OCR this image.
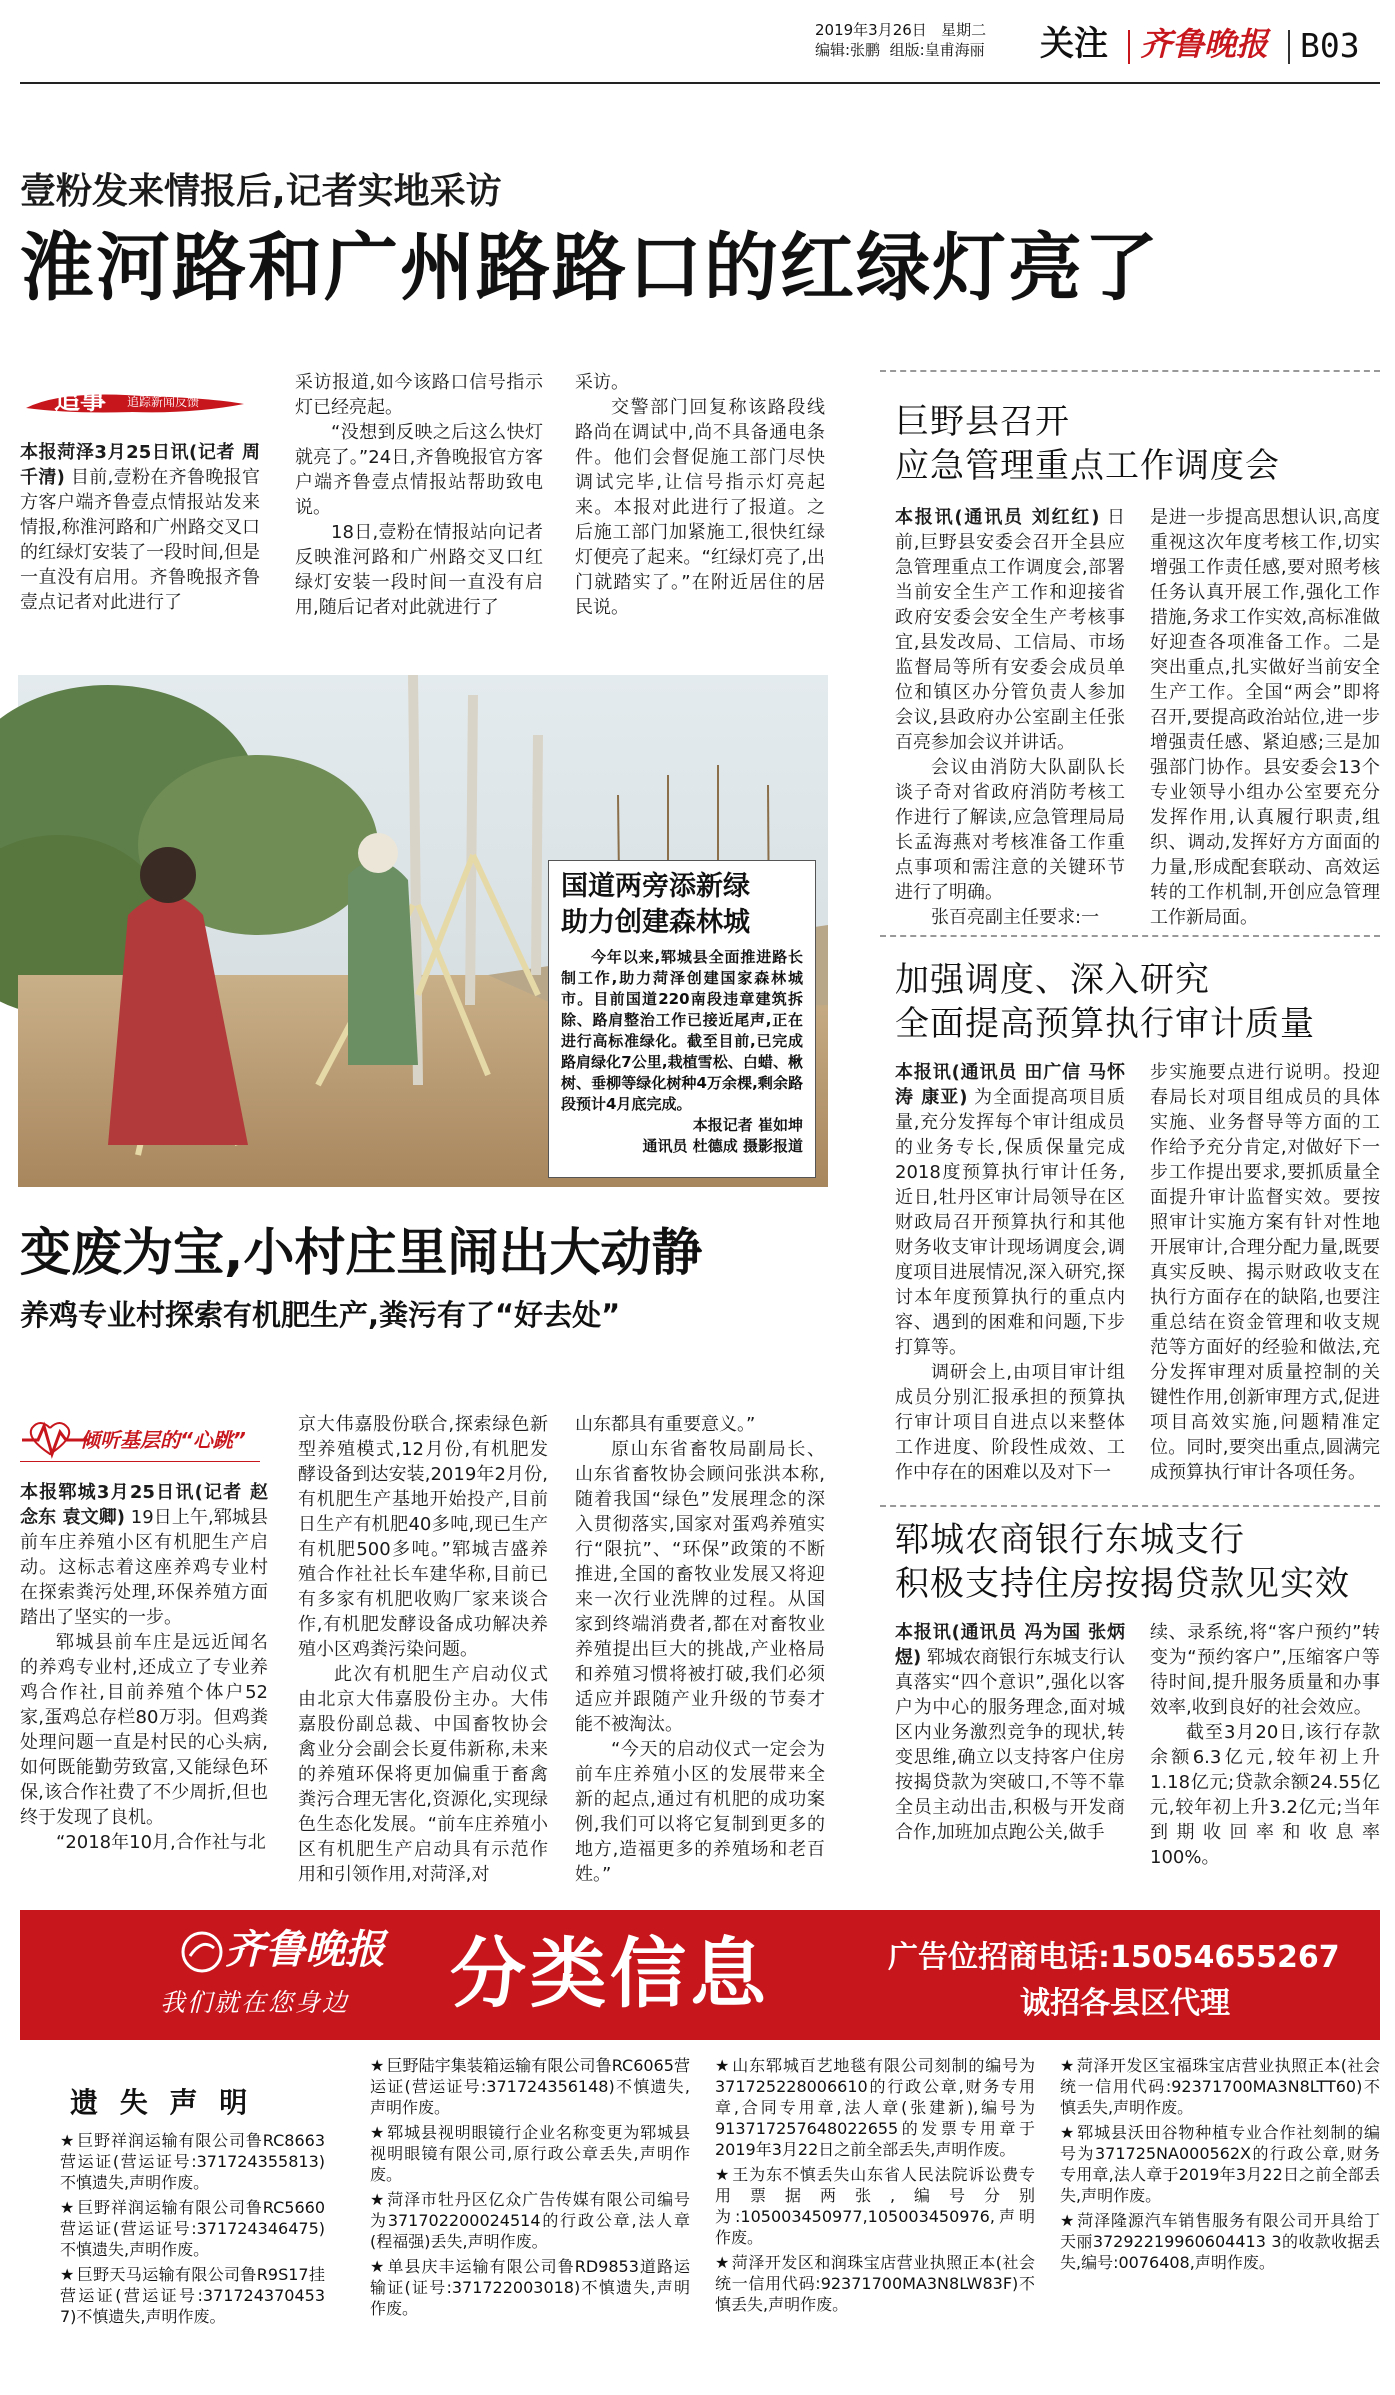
2019年3月26日 星期二
编辑:张鹏 组版:皇甫海丽	关注 齐鲁晚报 B03
壹粉发来情报后,记者实地采访
淮河路和广州路路口的红绿灯亮了
追事 追踪新闻反馈

本报菏泽3月25日讯(记者 周千清) 目前,壹粉在齐鲁晚报官方客户端齐鲁壹点情报站发来情报,称淮河路和广州路交叉口的红绿灯安装了一段时间,但是一直没有启用。齐鲁晚报齐鲁壹点记者对此进行了

采访报道,如今该路口信号指示灯已经亮起。

“没想到反映之后这么快灯就亮了。”24日,齐鲁晚报官方客户端齐鲁壹点情报站帮助致电说。

18日,壹粉在情报站向记者反映淮河路和广州路交叉口红绿灯安装一段时间一直没有启用,随后记者对此就进行了

采访。

交警部门回复称该路段线路尚在调试中,尚不具备通电条件。他们会督促施工部门尽快调试完毕,让信号指示灯亮起来。本报对此进行了报道。之后施工部门加紧施工,很快红绿灯便亮了起来。“红绿灯亮了,出门就踏实了。”在附近居住的居民说。

国道两旁添新绿
助力创建森林城
今年以来,郓城县全面推进路长制工作,助力菏泽创建国家森林城市。目前国道220南段违章建筑拆除、路肩整治工作已接近尾声,正在进行高标准绿化。截至目前,已完成路肩绿化7公里,栽植雪松、白蜡、楸树、垂柳等绿化树种4万余棵,剩余路段预计4月底完成。
本报记者 崔如坤
通讯员 杜德成 摄影报道
变废为宝,小村庄里闹出大动静
养鸡专业村探索有机肥生产,粪污有了“好去处”
倾听基层的“心跳”

本报郓城3月25日讯(记者 赵念东 袁文卿) 19日上午,郓城县前车庄养殖小区有机肥生产启动。这标志着这座养鸡专业村在探索粪污处理,环保养殖方面踏出了坚实的一步。

郓城县前车庄是远近闻名的养鸡专业村,还成立了专业养鸡合作社,目前养殖个体户52家,蛋鸡总存栏80万羽。但鸡粪处理问题一直是村民的心头病,如何既能勤劳致富,又能绿色环保,该合作社费了不少周折,但也终于发现了良机。

“2018年10月,合作社与北

京大伟嘉股份联合,探索绿色新型养殖模式,12月份,有机肥发酵设备到达安装,2019年2月份,有机肥生产基地开始投产,目前日生产有机肥40多吨,现已生产有机肥500多吨。”郓城吉盛养殖合作社社长车建华称,目前已有多家有机肥收购厂家来谈合作,有机肥发酵设备成功解决养殖小区鸡粪污染问题。

此次有机肥生产启动仪式由北京大伟嘉股份主办。大伟嘉股份副总裁、中国畜牧协会禽业分会副会长夏伟新称,未来的养殖环保将更加偏重于畜禽粪污合理无害化,资源化,实现绿色生态化发展。“前车庄养殖小区有机肥生产启动具有示范作用和引领作用,对菏泽,对

山东都具有重要意义。”

原山东省畜牧局副局长、山东省畜牧协会顾问张洪本称,随着我国“绿色”发展理念的深入贯彻落实,国家对蛋鸡养殖实行“限抗”、“环保”政策的不断推进,全国的畜牧业发展又将迎来一次行业洗牌的过程。从国家到终端消费者,都在对畜牧业养殖提出巨大的挑战,产业格局和养殖习惯将被打破,我们必须适应并跟随产业升级的节奏才能不被淘汰。

“今天的启动仪式一定会为前车庄养殖小区的发展带来全新的起点,通过有机肥的成功案例,我们可以将它复制到更多的地方,造福更多的养殖场和老百姓。”

巨野县召开
应急管理重点工作调度会

本报讯(通讯员 刘红红) 日前,巨野县安委会召开全县应急管理重点工作调度会,部署当前安全生产工作和迎接省政府安委会安全生产考核事宜,县发改局、工信局、市场监督局等所有安委会成员单位和镇区办分管负责人参加会议,县政府办公室副主任张百亮参加会议并讲话。

会议由消防大队副队长谈子奇对省政府消防考核工作进行了解读,应急管理局局长孟海燕对考核准备工作重点事项和需注意的关键环节进行了明确。

张百亮副主任要求:一

是进一步提高思想认识,高度重视这次年度考核工作,切实增强工作责任感,要对照考核任务认真开展工作,强化工作措施,务求工作实效,高标准做好迎查各项准备工作。二是突出重点,扎实做好当前安全生产工作。全国“两会”即将召开,要提高政治站位,进一步增强责任感、紧迫感;三是加强部门协作。县安委会13个专业领导小组办公室要充分发挥作用,认真履行职责,组织、调动,发挥好方方面面的力量,形成配套联动、高效运转的工作机制,开创应急管理工作新局面。

加强调度、深入研究
全面提高预算执行审计质量

本报讯(通讯员 田广信 马怀涛 康亚) 为全面提高项目质量,充分发挥每个审计组成员的业务专长,保质保量完成2018度预算执行审计任务,近日,牡丹区审计局领导在区财政局召开预算执行和其他财务收支审计现场调度会,调度项目进展情况,深入研究,探讨本年度预算执行的重点内容、遇到的困难和问题,下步打算等。

调研会上,由项目审计组成员分别汇报承担的预算执行审计项目自进点以来整体工作进度、阶段性成效、工作中存在的困难以及对下一

步实施要点进行说明。投迎春局长对项目组成员的具体实施、业务督导等方面的工作给予充分肯定,对做好下一步工作提出要求,要抓质量全面提升审计监督实效。要按照审计实施方案有针对性地开展审计,合理分配力量,既要真实反映、揭示财政收支在执行方面存在的缺陷,也要注重总结在资金管理和收支规范等方面好的经验和做法,充分发挥审理对质量控制的关键性作用,创新审理方式,促进项目高效实施,问题精准定位。同时,要突出重点,圆满完成预算执行审计各项任务。

郓城农商银行东城支行
积极支持住房按揭贷款见实效

本报讯(通讯员 冯为国 张炳煜) 郓城农商银行东城支行认真落实“四个意识”,强化以客户为中心的服务理念,面对城区内业务激烈竞争的现状,转变思维,确立以支持客户住房按揭贷款为突破口,不等不靠全员主动出击,积极与开发商合作,加班加点跑公关,做手

续、录系统,将“客户预约”转变为“预约客户”,压缩客户等待时间,提升服务质量和办事效率,收到良好的社会效应。

截至3月20日,该行存款余额6.3亿元,较年初上升1.18亿元;贷款余额24.55亿元,较年初上升3.2亿元;当年到期收回率和收息率100%。

齐鲁晚报
我们就在您身边 分类信息	广告位招商电话:15054655267
诚招各县区代理
遗 失 声 明
★ 巨野祥润运输有限公司鲁RC8663营运证(营运证号:371724355813)不慎遗失,声明作废。
★ 巨野祥润运输有限公司鲁RC5660营运证(营运证号:371724346475)不慎遗失,声明作废。
★ 巨野天马运输有限公司鲁R9S17挂营运证(营运证号:371724370453 7)不慎遗失,声明作废。
★ 巨野陆宇集装箱运输有限公司鲁RC6065营运证(营运证号:371724356148)不慎遗失,声明作废。
★ 郓城县视明眼镜行企业名称变更为郓城县视明眼镜有限公司,原行政公章丢失,声明作废。
★ 菏泽市牡丹区亿众广告传媒有限公司编号为371702200024514的行政公章,法人章(程福强)丢失,声明作废。
★ 单县庆丰运输有限公司鲁RD9853道路运输证(证号:371722003018)不慎遗失,声明作废。
★ 山东郓城百艺地毯有限公司刻制的编号为371725228006610的行政公章,财务专用章,合同专用章,法人章(张建新),编号为913717257648022655的发票专用章于2019年3月22日之前全部丢失,声明作废。
★ 王为东不慎丢失山东省人民法院诉讼费专用票据两张,编号分别为:105003450977,105003450976,声明作废。
★ 菏泽开发区和润珠宝店营业执照正本(社会统一信用代码:92371700MA3N8LW83F)不慎丢失,声明作废。
★ 菏泽开发区宝福珠宝店营业执照正本(社会统一信用代码:92371700MA3N8LTT60)不慎丢失,声明作废。
★ 郓城县沃田谷物种植专业合作社刻制的编号为371725NA000562X的行政公章,财务专用章,法人章于2019年3月22日之前全部丢失,声明作废。
★ 菏泽隆源汽车销售服务有限公司开具给丁天丽37292219960604413 3的收款收据丢失,编号:0076408,声明作废。
